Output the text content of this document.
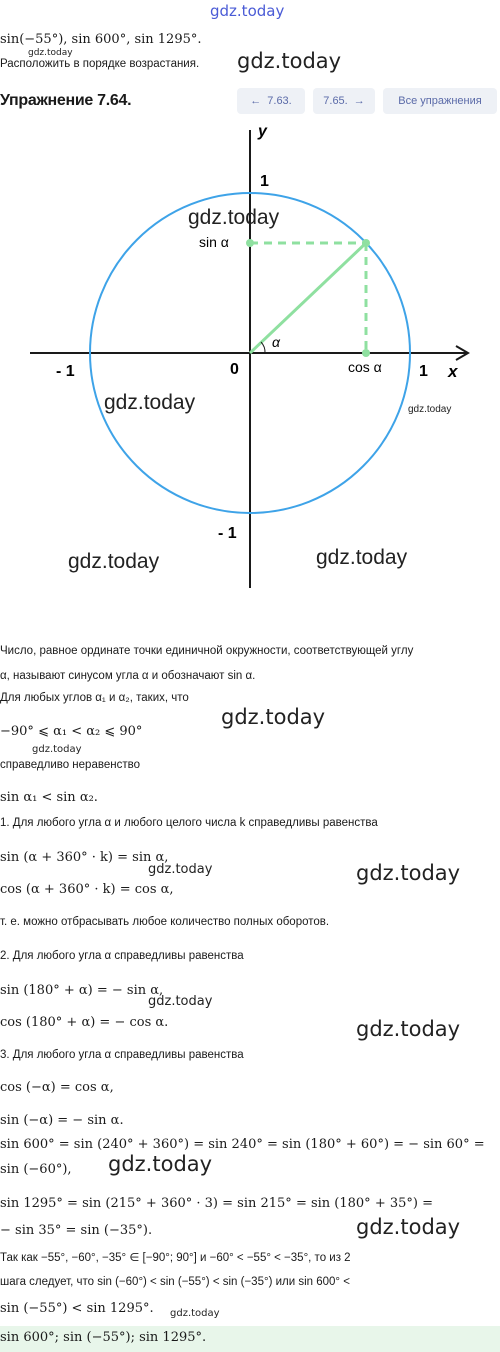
gdz.today
sin(−55°), sin 600°, sin 1295°.
gdz.today
Расположить в порядке возрастания. gdz.today
Упражнение 7.64.	← 7.63.	7.65. →	Все упражнения
y
x
1
- 1
- 1	1
0
sin α
cos α
α
gdz.today
gdz.today	gdz.today
gdz.today	gdz.today
Число, равное ординате точки единичной окружности, соответствующей углу
α, называют синусом угла α и обозначают sin α.
Для любых углов α₁ и α₂, таких, что
gdz.today
−90° ⩽ α₁ < α₂ ⩽ 90°
gdz.today
справедливо неравенство
sin α₁ < sin α₂.
1. Для любого угла α и любого целого числа k справедливы равенства
sin (α + 360° · k) = sin α,
gdz.today	gdz.today
cos (α + 360° · k) = cos α,
т. е. можно отбрасывать любое количество полных оборотов.
2. Для любого угла α справедливы равенства
sin (180° + α) = − sin α,
gdz.today
gdz.today
cos (180° + α) = − cos α.
3. Для любого угла α справедливы равенства
cos (−α) = cos α,
sin (−α) = − sin α.
sin 600° = sin (240° + 360°) = sin 240° = sin (180° + 60°) = − sin 60° =
sin (−60°), gdz.today
sin 1295° = sin (215° + 360° · 3) = sin 215° = sin (180° + 35°) =
− sin 35° = sin (−35°).	gdz.today
Так как −55°, −60°, −35° ∈ [−90°; 90°] и −60° < −55° < −35°, то из 2
шага следует, что sin (−60°) < sin (−55°) < sin (−35°) или sin 600° <
sin (−55°) < sin 1295°. gdz.today
sin 600°; sin (−55°); sin 1295°.
